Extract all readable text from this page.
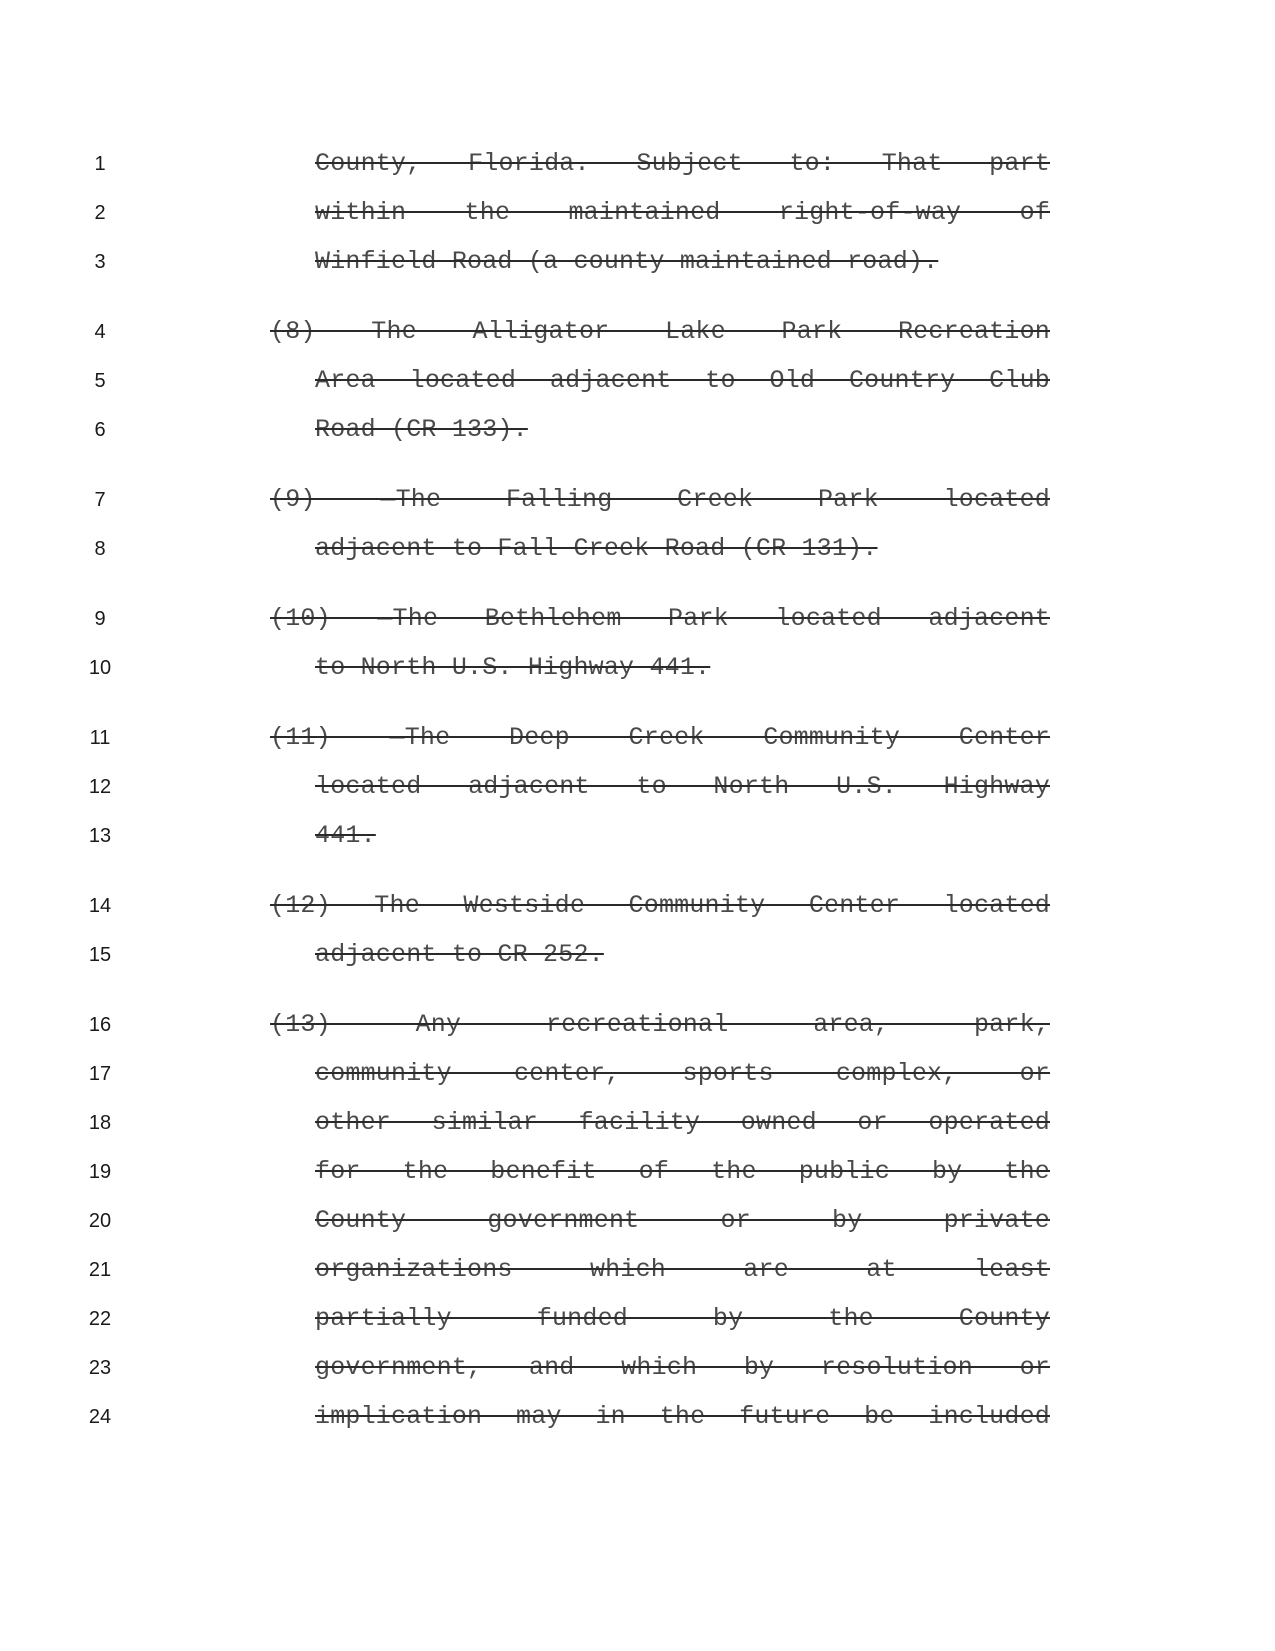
1	County, Florida. Subject to: That part
2	within the maintained right-of-way of
3	Winfield Road (a county maintained road).
4	(8) The Alligator Lake Park Recreation
5	Area located adjacent to Old Country Club
6	Road (CR 133).
7	(9) —The Falling Creek Park located
8	adjacent to Fall Creek Road (CR 131).
9	(10) —The Bethlehem Park located adjacent
10	to North U.S. Highway 441.
11	(11) —The Deep Creek Community Center
12	located adjacent to North U.S. Highway
13	441.
14	(12) The Westside Community Center located
15	adjacent to CR 252.
16	(13) Any recreational area, park,
17	community center, sports complex, or
18	other similar facility owned or operated
19	for the benefit of the public by the
20	County government or by private
21	organizations which are at least
22	partially funded by the County
23	government, and which by resolution or
24	implication may in the future be included
